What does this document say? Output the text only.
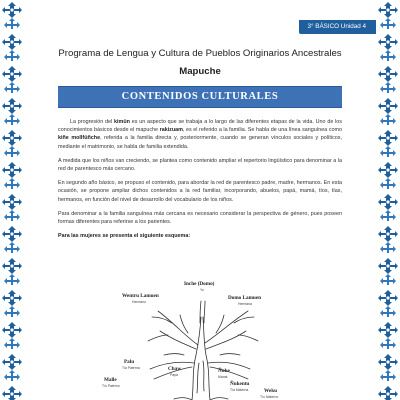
3° BÁSICO Unidad 4
Programa de Lengua y Cultura de Pueblos Originarios Ancestrales
Mapuche
CONTENIDOS CULTURALES

La progresión del kimün es un aspecto que se trabaja a lo largo de las diferentes etapas de la vida. Uno de los conocimientos básicos desde el mapuche rakizuam, es el referido a la familia. Se habla de una línea sanguínea como kiñe mollfüñche, referida a la familia directa y, posteriormente, cuando se generan vínculos sociales y políticos, mediante el matrimonio, se habla de familia extendida.

A medida que los niños van creciendo, se plantea como contenido ampliar el repertorio lingüístico para denominar a la red de parentesco más cercano.

En segundo año básico, se propuso el contenido, para abordar la red de parentesco padre, madre, hermanos. En esta ocasión, se propone ampliar dichos contenidos a la red familiar, incorporando, abuelos, papá, mamá, tíos, tías, hermanos, en función del nivel de desarrollo del vocabulario de los niños.

Para denominar a la familia sanguínea más cercana es necesario considerar la perspectiva de género, pues poseen formas diferentes para referirse a los parientes.

Para las mujeres se presenta el siguiente esquema:

Inche (Domo)
Yo
Wentru Lamuen
Hermano
Domo Lamuen
Hermana
Palu
Tía Paterna	Chaw
Papá
Ñuke
Mamá
Ñukentu
Tía Materna
Malle
Tío Paterno
Weku
Tío Materno
